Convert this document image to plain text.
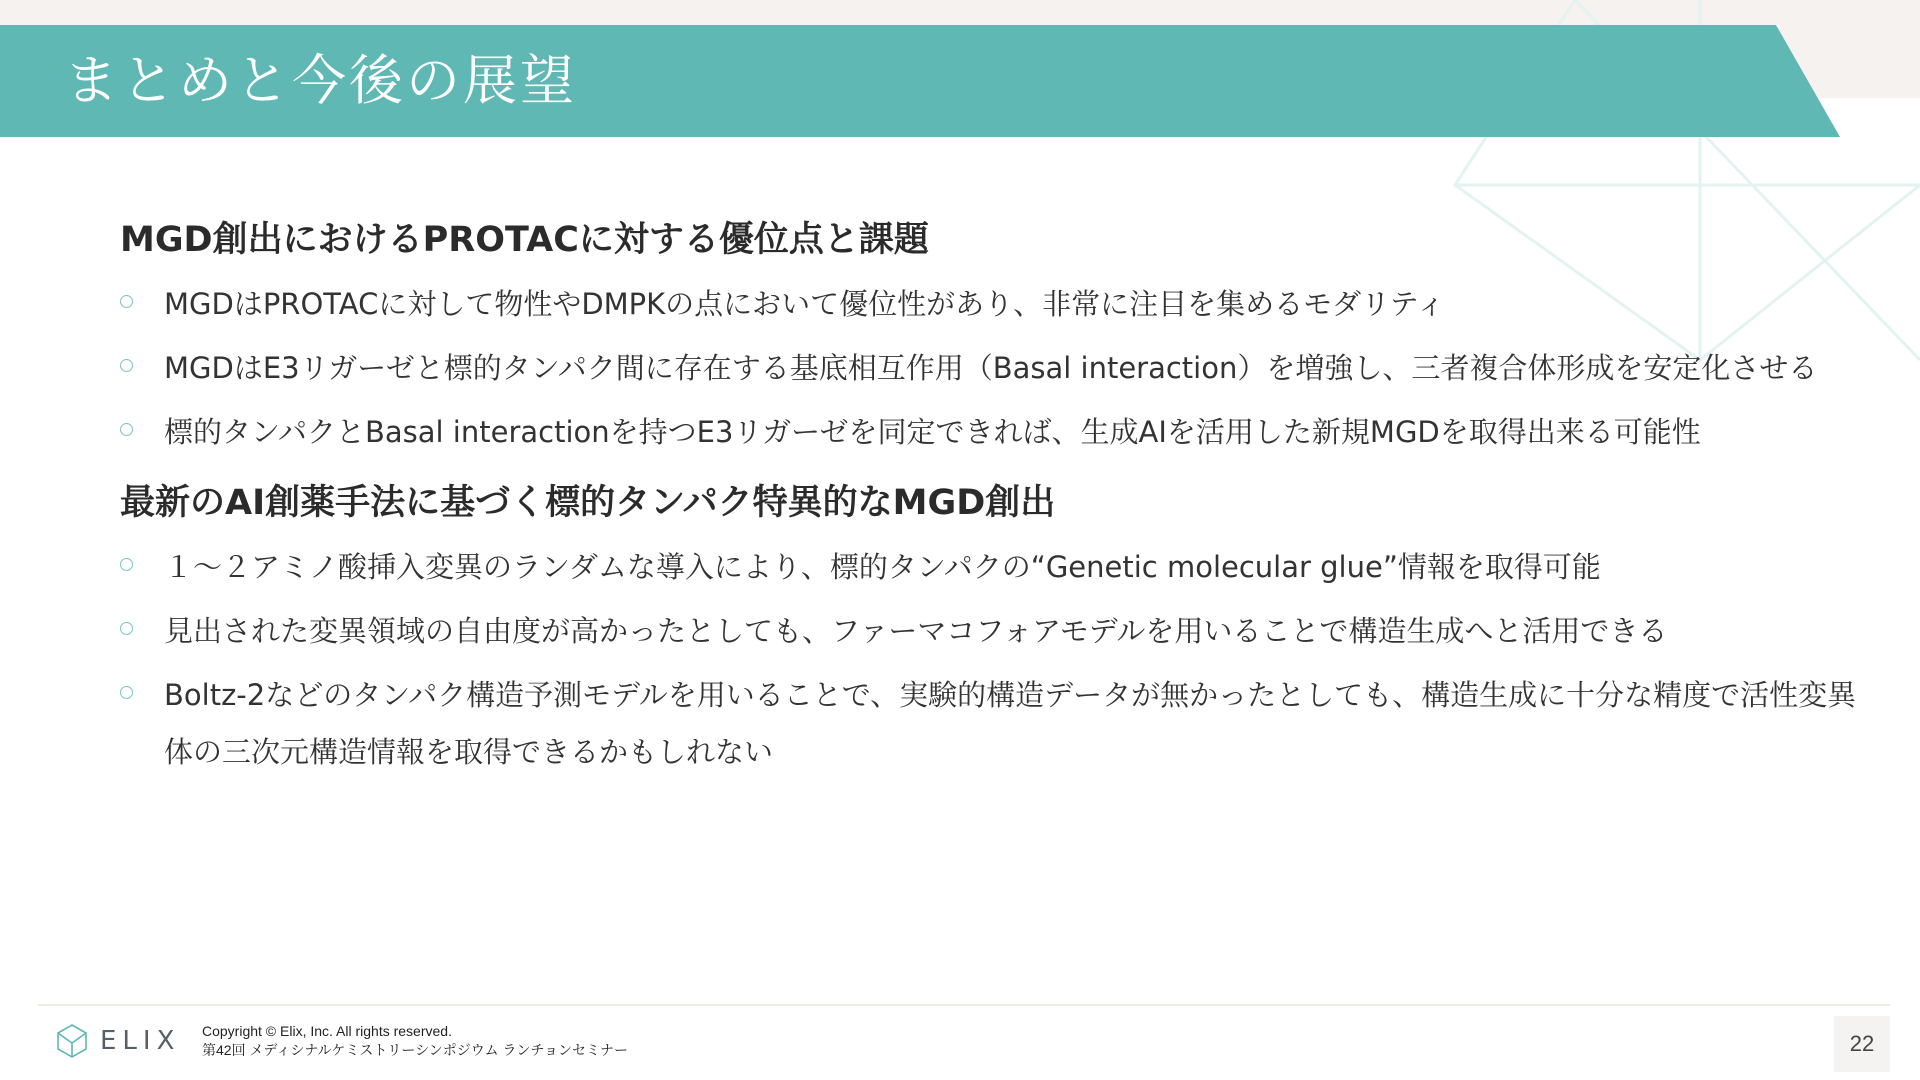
まとめと今後の展望
MGD創出におけるPROTACに対する優位点と課題
MGDはPROTACに対して物性やDMPKの点において優位性があり、非常に注目を集めるモダリティ
MGDはE3リガーゼと標的タンパク間に存在する基底相互作用（Basal interaction）を増強し、三者複合体形成を安定化させる
標的タンパクとBasal interactionを持つE3リガーゼを同定できれば、生成AIを活用した新規MGDを取得出来る可能性
最新のAI創薬手法に基づく標的タンパク特異的なMGD創出
１～２アミノ酸挿入変異のランダムな導入により、標的タンパクの“Genetic molecular glue”情報を取得可能
見出された変異領域の自由度が高かったとしても、ファーマコフォアモデルを用いることで構造生成へと活用できる
Boltz-2などのタンパク構造予測モデルを用いることで、実験的構造データが無かったとしても、構造生成に十分な精度で活性変異体の三次元構造情報を取得できるかもしれない
ELIX Copyright © Elix, Inc. All rights reserved.
第42回 メディシナルケミストリーシンポジウム ランチョンセミナー	22
